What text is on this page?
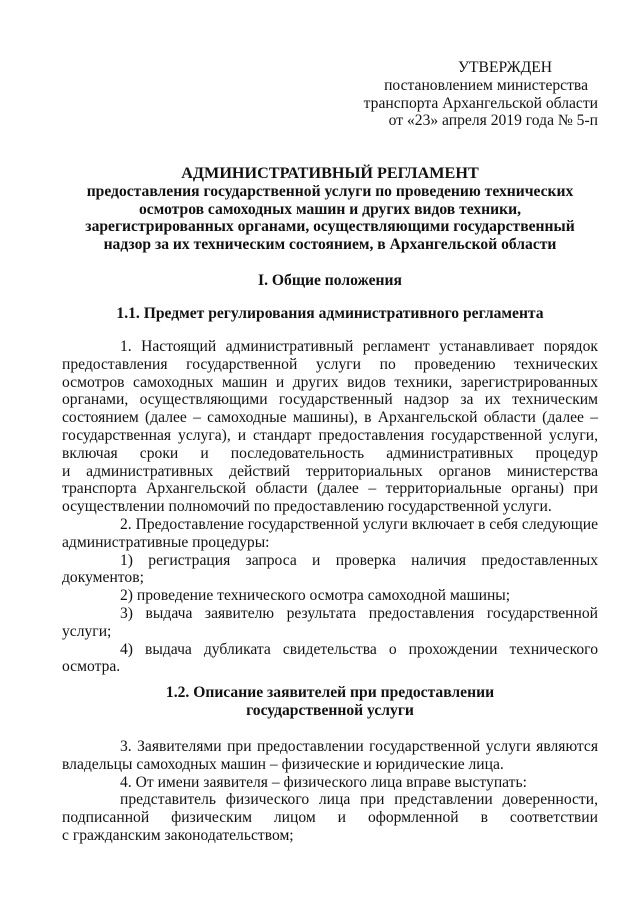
УТВЕРЖДЕН
постановлением министерства
транспорта Архангельской области
от «23» апреля 2019 года № 5-п
АДМИНИСТРАТИВНЫЙ РЕГЛАМЕНТ
предоставления государственной услуги по проведению технических
осмотров самоходных машин и других видов техники,
зарегистрированных органами, осуществляющими государственный
надзор за их техническим состоянием, в Архангельской области
I. Общие положения
1.1. Предмет регулирования административного регламента
1. Настоящий административный регламент устанавливает порядок
предоставления государственной услуги по проведению технических
осмотров самоходных машин и других видов техники, зарегистрированных
органами, осуществляющими государственный надзор за их техническим
состоянием (далее – самоходные машины), в Архангельской области (далее –
государственная услуга), и стандарт предоставления государственной услуги,
включая сроки и последовательность административных процедур
и административных действий территориальных органов министерства
транспорта Архангельской области (далее – территориальные органы) при
осуществлении полномочий по предоставлению государственной услуги.
2. Предоставление государственной услуги включает в себя следующие
административные процедуры:
1) регистрация запроса и проверка наличия предоставленных
документов;
2) проведение технического осмотра самоходной машины;
3) выдача заявителю результата предоставления государственной
услуги;
4) выдача дубликата свидетельства о прохождении технического
осмотра.
1.2. Описание заявителей при предоставлении
государственной услуги
3. Заявителями при предоставлении государственной услуги являются
владельцы самоходных машин – физические и юридические лица.
4. От имени заявителя – физического лица вправе выступать:
представитель физического лица при представлении доверенности,
подписанной физическим лицом и оформленной в соответствии
с гражданским законодательством;
